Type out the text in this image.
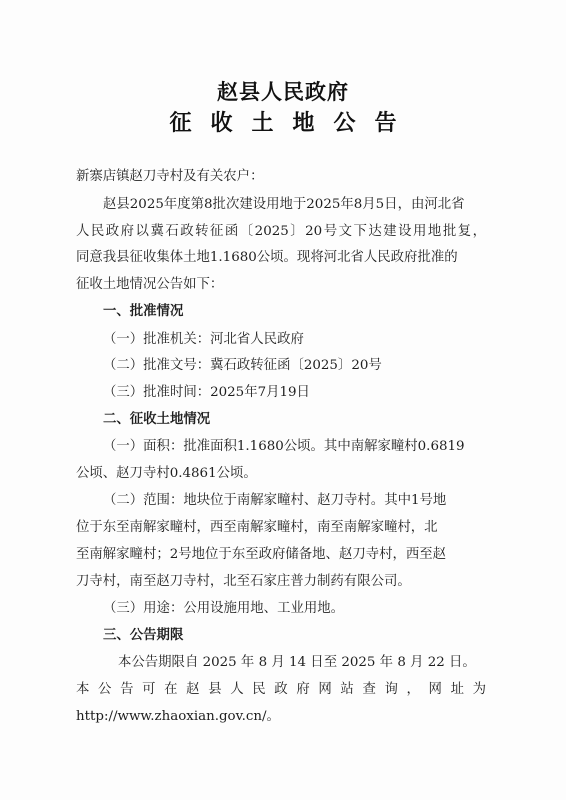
赵县人民政府
征收土地公告
新寨店镇赵刀寺村及有关农户：
赵县2025年度第8批次建设用地于2025年8月5日，由河北省
人民政府以冀石政转征函〔2025〕20号文下达建设用地批复，
同意我县征收集体土地1.1680公顷。现将河北省人民政府批准的
征收土地情况公告如下：
一、批准情况
（一）批准机关：河北省人民政府
（二）批准文号：冀石政转征函〔2025〕20号
（三）批准时间：2025年7月19日
二、征收土地情况
（一）面积：批准面积1.1680公顷。其中南解家疃村0.6819
公顷、赵刀寺村0.4861公顷。
（二）范围：地块位于南解家疃村、赵刀寺村。其中1号地
位于东至南解家疃村，西至南解家疃村，南至南解家疃村，北
至南解家疃村；2号地位于东至政府储备地、赵刀寺村，西至赵
刀寺村，南至赵刀寺村，北至石家庄普力制药有限公司。
（三）用途：公用设施用地、工业用地。
三、公告期限
本公告期限自 2025 年 8 月 14 日至 2025 年 8 月 22 日。
本公告可在赵县人民政府网站查询，网址为
http://www.zhaoxian.gov.cn/。
